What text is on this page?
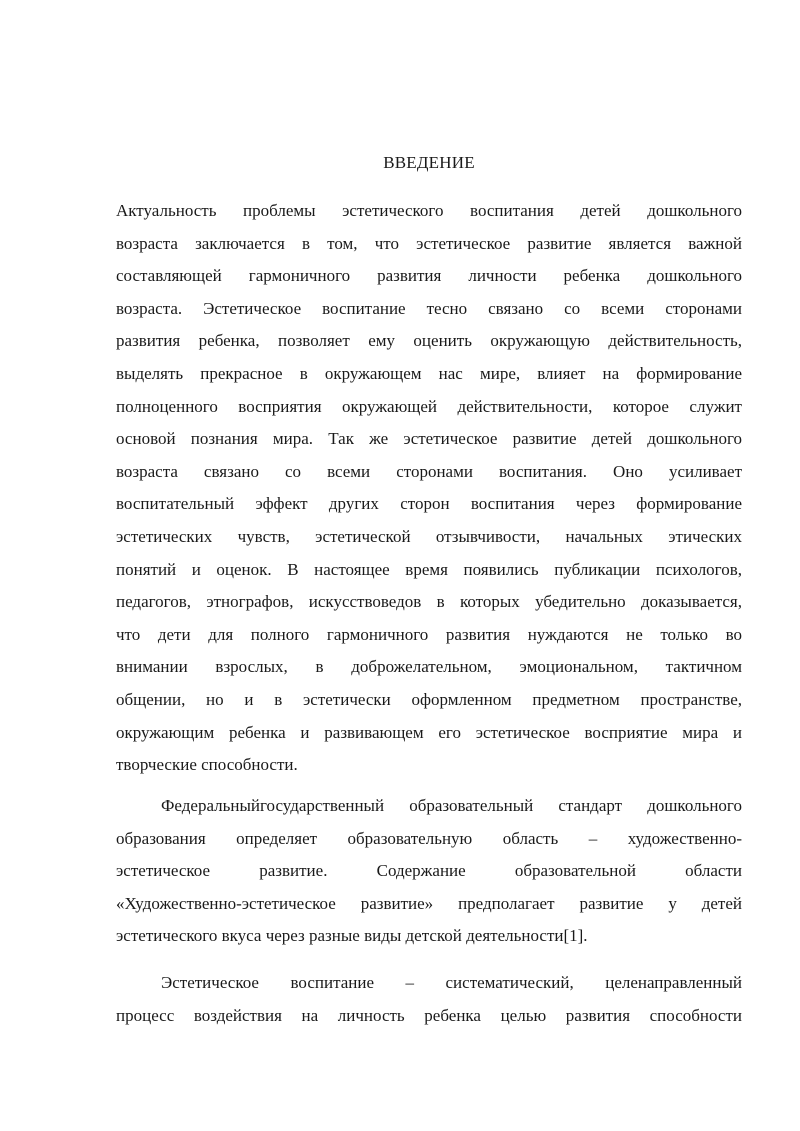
ВВЕДЕНИЕ
Актуальность проблемы эстетического воспитания детей дошкольного
возраста заключается в том, что эстетическое развитие является важной
составляющей гармоничного развития личности ребенка дошкольного
возраста. Эстетическое воспитание тесно связано со всеми сторонами
развития ребенка, позволяет ему оценить окружающую действительность,
выделять прекрасное в окружающем нас мире, влияет на формирование
полноценного восприятия окружающей действительности, которое служит
основой познания мира. Так же эстетическое развитие детей дошкольного
возраста связано со всеми сторонами воспитания. Оно усиливает
воспитательный эффект других сторон воспитания через формирование
эстетических чувств, эстетической отзывчивости, начальных этических
понятий и оценок. В настоящее время появились публикации психологов,
педагогов, этнографов, искусствоведов в которых убедительно доказывается,
что дети для полного гармоничного развития нуждаются не только во
внимании взрослых, в доброжелательном, эмоциональном, тактичном
общении, но и в эстетически оформленном предметном пространстве,
окружающим ребенка и развивающем его эстетическое восприятие мира и
творческие способности.
Федеральныйгосударственный образовательный стандарт дошкольного
образования определяет образовательную область – художественно-
эстетическое развитие. Содержание образовательной области
«Художественно-эстетическое развитие» предполагает развитие у детей
эстетического вкуса через разные виды детской деятельности[1].
Эстетическое воспитание – систематический, целенаправленный
процесс воздействия на личность ребенка целью развития способности
